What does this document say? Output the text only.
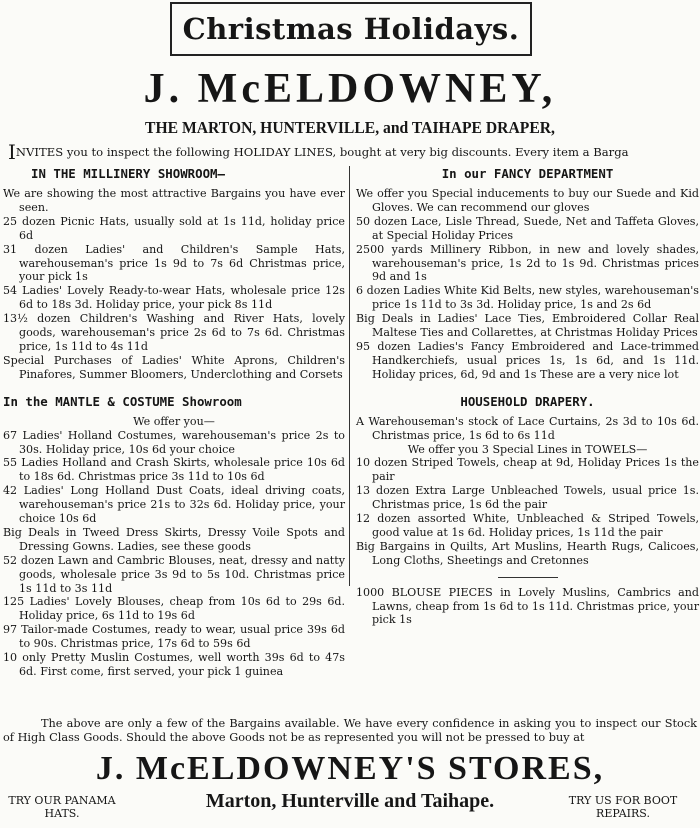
Christmas Holidays.
J. McELDOWNEY,
THE MARTON, HUNTERVILLE, and TAIHAPE DRAPER,
INVITES you to inspect the following HOLIDAY LINES, bought at very big discounts. Every item a Barga
IN THE MILLINERY SHOWROOM—
We are showing the most attractive Bargains you have ever seen.
25 dozen Picnic Hats, usually sold at 1s 11d, holiday price 6d
31 dozen Ladies' and Children's Sample Hats, warehouseman's price 1s 9d to 7s 6d Christmas price, your pick 1s
54 Ladies' Lovely Ready-to-wear Hats, wholesale price 12s 6d to 18s 3d. Holiday price, your pick 8s 11d
13½ dozen Children's Washing and River Hats, lovely goods, warehouseman's price 2s 6d to 7s 6d. Christmas price, 1s 11d to 4s 11d
Special Purchases of Ladies' White Aprons, Children's Pinafores, Summer Bloomers, Underclothing and Corsets
In the MANTLE & COSTUME Showroom
We offer you—
67 Ladies' Holland Costumes, warehouseman's price 2s to 30s. Holiday price, 10s 6d your choice
55 Ladies Holland and Crash Skirts, wholesale price 10s 6d to 18s 6d. Christmas price 3s 11d to 10s 6d
42 Ladies' Long Holland Dust Coats, ideal driving coats, warehouseman's price 21s to 32s 6d. Holiday price, your choice 10s 6d
Big Deals in Tweed Dress Skirts, Dressy Voile Spots and Dressing Gowns. Ladies, see these goods
52 dozen Lawn and Cambric Blouses, neat, dressy and natty goods, wholesale price 3s 9d to 5s 10d. Christmas price 1s 11d to 3s 11d
125 Ladies' Lovely Blouses, cheap from 10s 6d to 29s 6d. Holiday price, 6s 11d to 19s 6d
97 Tailor-made Costumes, ready to wear, usual price 39s 6d to 90s. Christmas price, 17s 6d to 59s 6d
10 only Pretty Muslin Costumes, well worth 39s 6d to 47s 6d. First come, first served, your pick 1 guinea
In our FANCY DEPARTMENT
We offer you Special inducements to buy our Suede and Kid Gloves. We can recommend our gloves
50 dozen Lace, Lisle Thread, Suede, Net and Taffeta Gloves, at Special Holiday Prices
2500 yards Millinery Ribbon, in new and lovely shades, warehouseman's price, 1s 2d to 1s 9d. Christmas prices 9d and 1s
6 dozen Ladies White Kid Belts, new styles, warehouseman's price 1s 11d to 3s 3d. Holiday price, 1s and 2s 6d
Big Deals in Ladies' Lace Ties, Embroidered Collar Real Maltese Ties and Collarettes, at Christmas Holiday Prices
95 dozen Ladies's Fancy Embroidered and Lace-trimmed Handkerchiefs, usual prices 1s, 1s 6d, and 1s 11d. Holiday prices, 6d, 9d and 1s These are a very nice lot
HOUSEHOLD DRAPERY.
A Warehouseman's stock of Lace Curtains, 2s 3d to 10s 6d. Christmas price, 1s 6d to 6s 11d
We offer you 3 Special Lines in TOWELS—
10 dozen Striped Towels, cheap at 9d, Holiday Prices 1s the pair
13 dozen Extra Large Unbleached Towels, usual price 1s. Christmas price, 1s 6d the pair
12 dozen assorted White, Unbleached & Striped Towels, good value at 1s 6d. Holiday prices, 1s 11d the pair
Big Bargains in Quilts, Art Muslins, Hearth Rugs, Calicoes, Long Cloths, Sheetings and Cretonnes
1000 BLOUSE PIECES in Lovely Muslins, Cambrics and Lawns, cheap from 1s 6d to 1s 11d. Christmas price, your pick 1s
The above are only a few of the Bargains available. We have every confidence in asking you to inspect our Stock of High Class Goods. Should the above Goods not be as represented you will not be pressed to buy at
J. McELDOWNEY'S STORES,
Marton, Hunterville and Taihape.
TRY OUR PANAMA
HATS.
TRY US FOR BOOT
REPAIRS.
